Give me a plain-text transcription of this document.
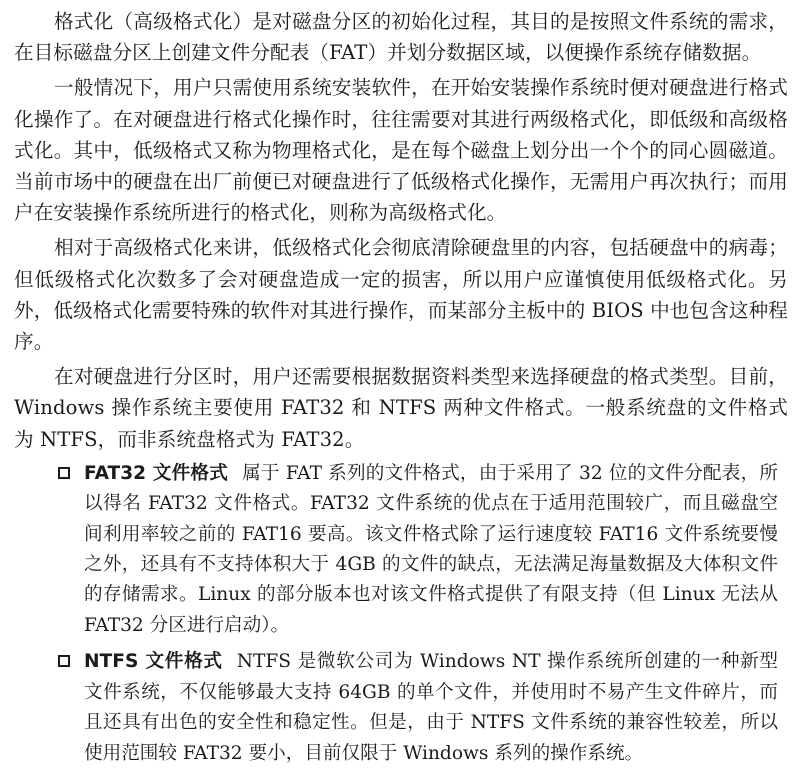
格式化（高级格式化）是对磁盘分区的初始化过程，其目的是按照文件系统的需求，在目标磁盘分区上创建文件分配表（FAT）并划分数据区域，以便操作系统存储数据。

一般情况下，用户只需使用系统安装软件，在开始安装操作系统时便对硬盘进行格式化操作了。在对硬盘进行格式化操作时，往往需要对其进行两级格式化，即低级和高级格式化。其中，低级格式又称为物理格式化，是在每个磁盘上划分出一个个的同心圆磁道。当前市场中的硬盘在出厂前便已对硬盘进行了低级格式化操作，无需用户再次执行；而用户在安装操作系统所进行的格式化，则称为高级格式化。

相对于高级格式化来讲，低级格式化会彻底清除硬盘里的内容，包括硬盘中的病毒；但低级格式化次数多了会对硬盘造成一定的损害，所以用户应谨慎使用低级格式化。另外，低级格式化需要特殊的软件对其进行操作，而某部分主板中的 BIOS 中也包含这种程序。

在对硬盘进行分区时，用户还需要根据数据资料类型来选择硬盘的格式类型。目前，Windows 操作系统主要使用 FAT32 和 NTFS 两种文件格式。一般系统盘的文件格式为 NTFS，而非系统盘格式为 FAT32。

FAT32 文件格式 属于 FAT 系列的文件格式，由于采用了 32 位的文件分配表，所以得名 FAT32 文件格式。FAT32 文件系统的优点在于适用范围较广，而且磁盘空间利用率较之前的 FAT16 要高。该文件格式除了运行速度较 FAT16 文件系统要慢之外，还具有不支持体积大于 4GB 的文件的缺点，无法满足海量数据及大体积文件的存储需求。Linux 的部分版本也对该文件格式提供了有限支持（但 Linux 无法从 FAT32 分区进行启动）。
NTFS 文件格式 NTFS 是微软公司为 Windows NT 操作系统所创建的一种新型文件系统，不仅能够最大支持 64GB 的单个文件，并使用时不易产生文件碎片，而且还具有出色的安全性和稳定性。但是，由于 NTFS 文件系统的兼容性较差，所以使用范围较 FAT32 要小，目前仅限于 Windows 系列的操作系统。
